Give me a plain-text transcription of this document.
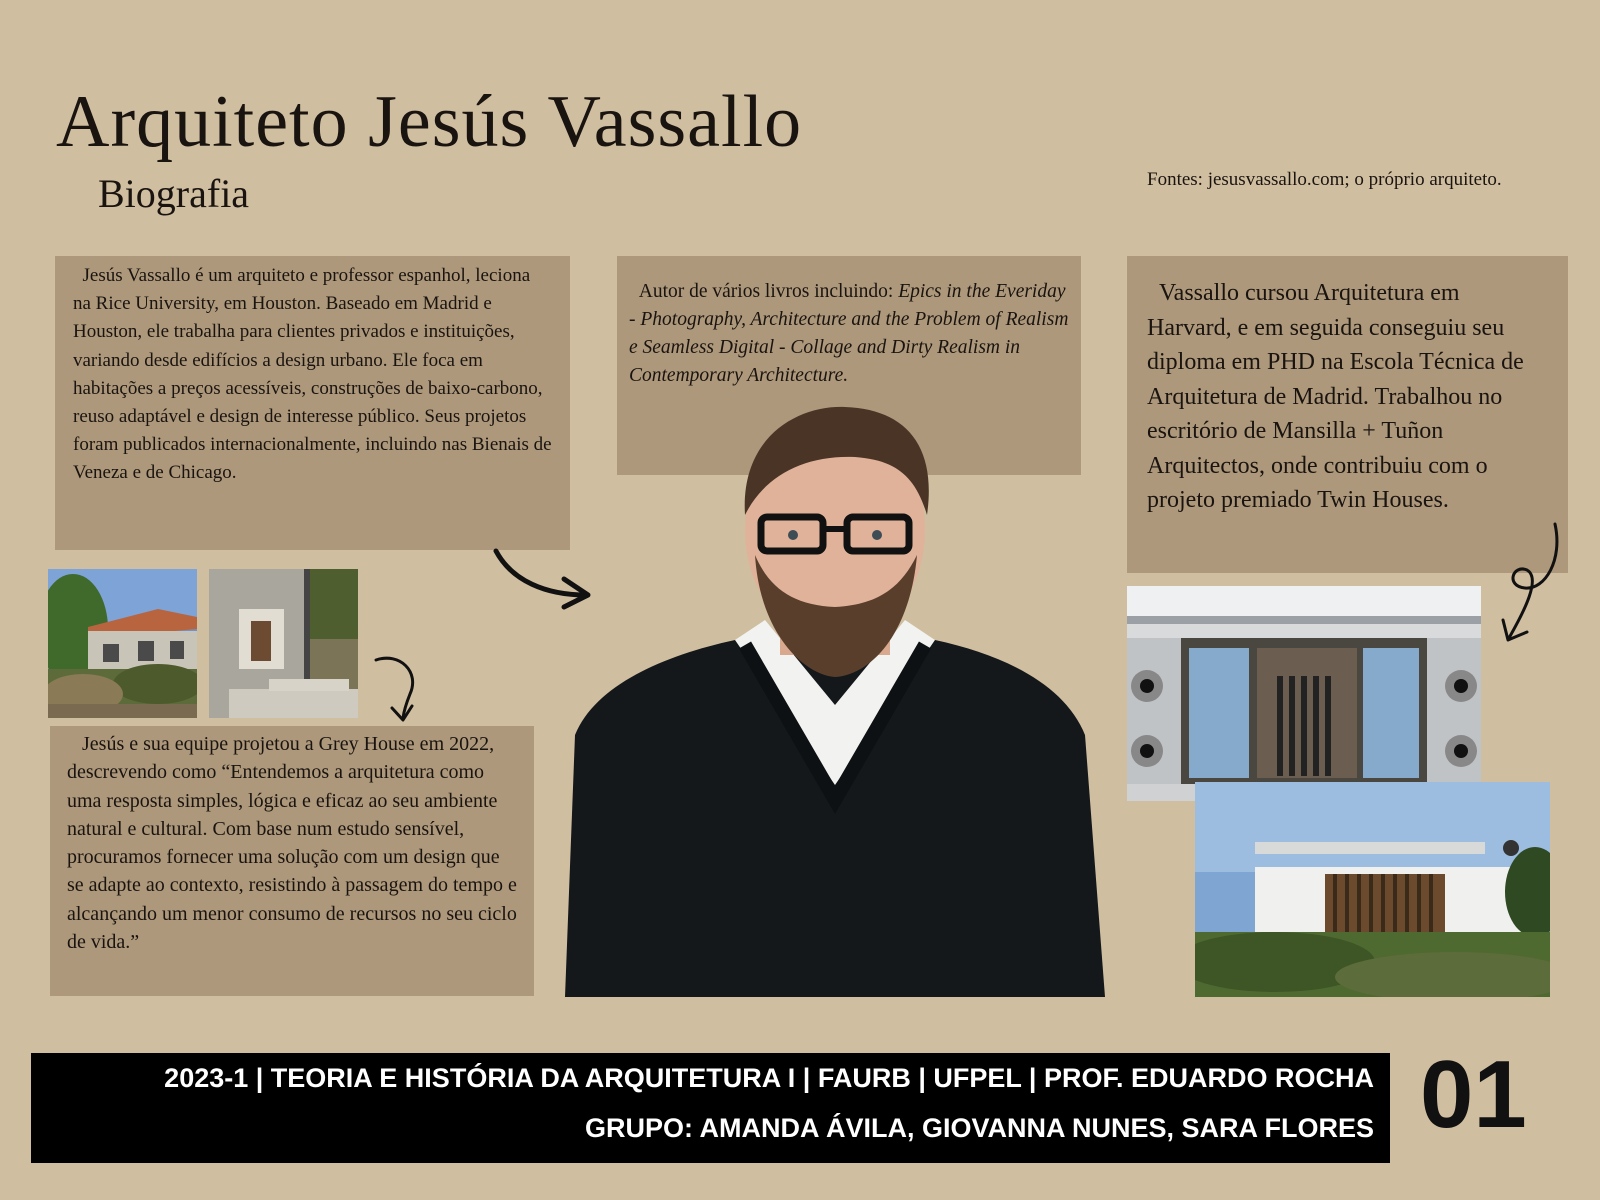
Arquiteto Jesús Vassallo
Biografia	Fontes: jesusvassallo.com; o próprio arquiteto.
Jesús Vassallo é um arquiteto e professor espanhol, leciona na Rice University, em Houston. Baseado em Madrid e Houston, ele trabalha para clientes privados e instituições, variando desde edifícios a design urbano. Ele foca em habitações a preços acessíveis, construções de baixo-carbono, reuso adaptável e design de interesse público. Seus projetos foram publicados internacionalmente, incluindo nas Bienais de Veneza e de Chicago.
Autor de vários livros incluindo: Epics in the Everiday - Photography, Architecture and the Problem of Realism e Seamless Digital - Collage and Dirty Realism in Contemporary Architecture.
Vassallo cursou Arquitetura em Harvard, e em seguida conseguiu seu diploma em PHD na Escola Técnica de Arquitetura de Madrid. Trabalhou no escritório de Mansilla + Tuñon Arquitectos, onde contribuiu com o projeto premiado Twin Houses.
Jesús e sua equipe projetou a Grey House em 2022, descrevendo como “Entendemos a arquitetura como uma resposta simples, lógica e eficaz ao seu ambiente natural e cultural. Com base num estudo sensível, procuramos fornecer uma solução com um design que se adapte ao contexto, resistindo à passagem do tempo e alcançando um menor consumo de recursos no seu ciclo de vida.”
2023-1 | TEORIA E HISTÓRIA DA ARQUITETURA I | FAURB | UFPEL | PROF. EDUARDO ROCHA
GRUPO: AMANDA ÁVILA, GIOVANNA NUNES, SARA FLORES 01
